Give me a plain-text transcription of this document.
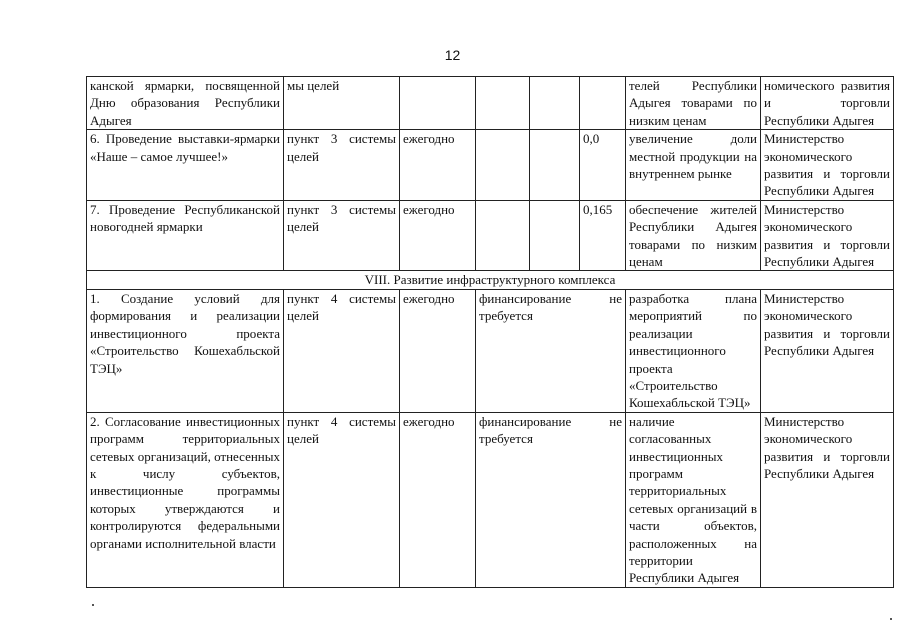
12
канской ярмарки, посвященной Дню образования Республики Адыгея	мы целей					телей Республики Адыгея товарами по низким ценам	номического развития и торговли Республики Адыгея
6. Проведение выставки-ярмарки «Наше – самое лучшее!»	пункт 3 системы целей	ежегодно			0,0	увеличение доли местной продукции на внутреннем рынке	Министерство экономического развития и торговли Республики Адыгея
7. Проведение Республиканской новогодней ярмарки	пункт 3 системы целей	ежегодно			0,165	обеспечение жителей Республики Адыгея товарами по низким ценам	Министерство экономического развития и торговли Республики Адыгея
VIII. Развитие инфраструктурного комплекса							
1. Создание условий для формирования и реализации инвестиционного проекта «Строительство Кошехабльской ТЭЦ»	пункт 4 системы целей	ежегодно	финансирование не требуется			разработка плана мероприятий по реализации инвестиционного проекта «Строительство Кошехабльской ТЭЦ»	Министерство экономического развития и торговли Республики Адыгея
2. Согласование инвестиционных программ территориальных сетевых организаций, отнесенных к числу субъектов, инвестиционные программы которых утверждаются и контролируются федеральными органами исполнительной власти	пункт 4 системы целей	ежегодно	финансирование не требуется			наличие согласованных инвестиционных программ территориальных сетевых организаций в части объектов, расположенных на территории Республики Адыгея	Министерство экономического развития и торговли Республики Адыгея
